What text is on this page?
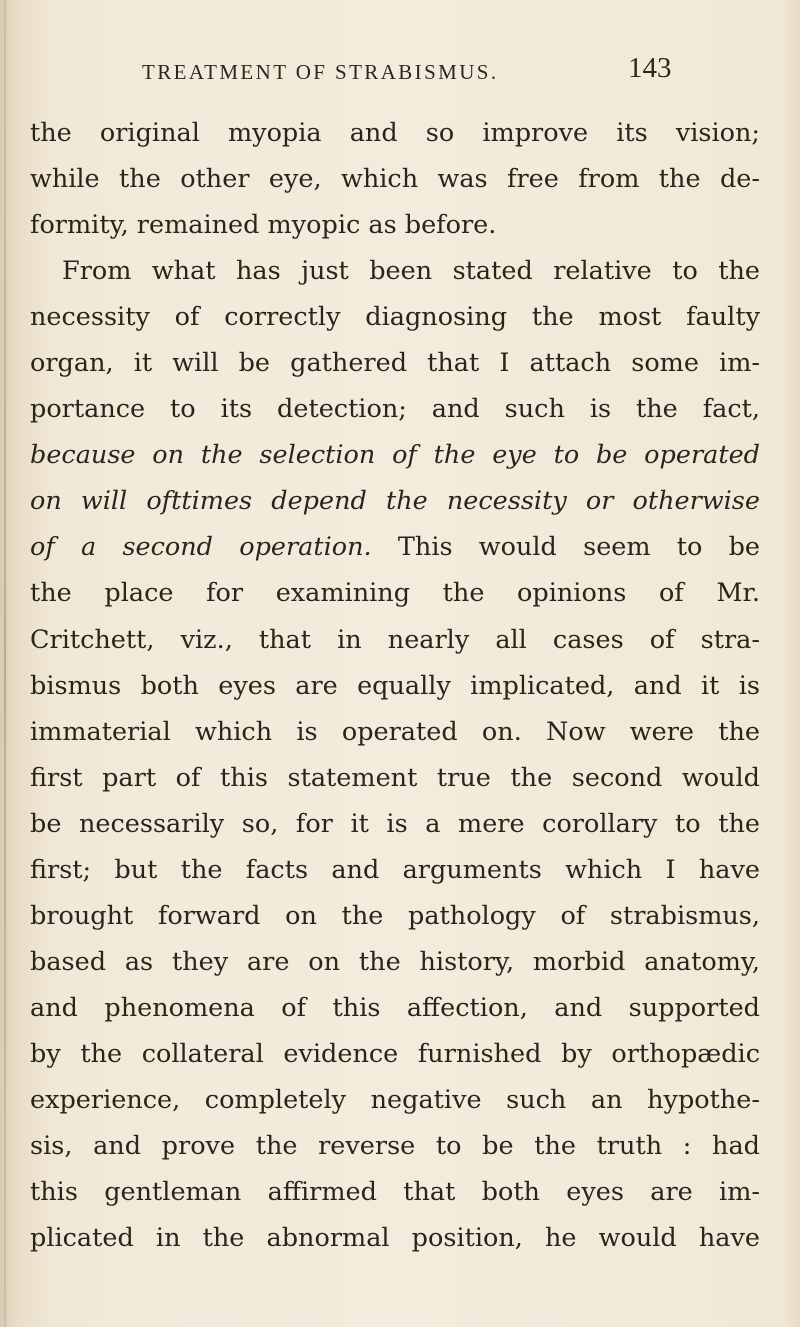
TREATMENT OF STRABISMUS.	143
the original myopia and so improve its vision;
while the other eye, which was free from the de-
formity, remained myopic as before.
From what has just been stated relative to the
necessity of correctly diagnosing the most faulty
organ, it will be gathered that I attach some im-
portance to its detection; and such is the fact,
because on the selection of the eye to be operated
on will ofttimes depend the necessity or otherwise
of a second operation. This would seem to be
the place for examining the opinions of Mr.
Critchett, viz., that in nearly all cases of stra-
bismus both eyes are equally implicated, and it is
immaterial which is operated on. Now were the
first part of this statement true the second would
be necessarily so, for it is a mere corollary to the
first; but the facts and arguments which I have
brought forward on the pathology of strabismus,
based as they are on the history, morbid anatomy,
and phenomena of this affection, and supported
by the collateral evidence furnished by orthopædic
experience, completely negative such an hypothe-
sis, and prove the reverse to be the truth : had
this gentleman affirmed that both eyes are im-
plicated in the abnormal position, he would have
